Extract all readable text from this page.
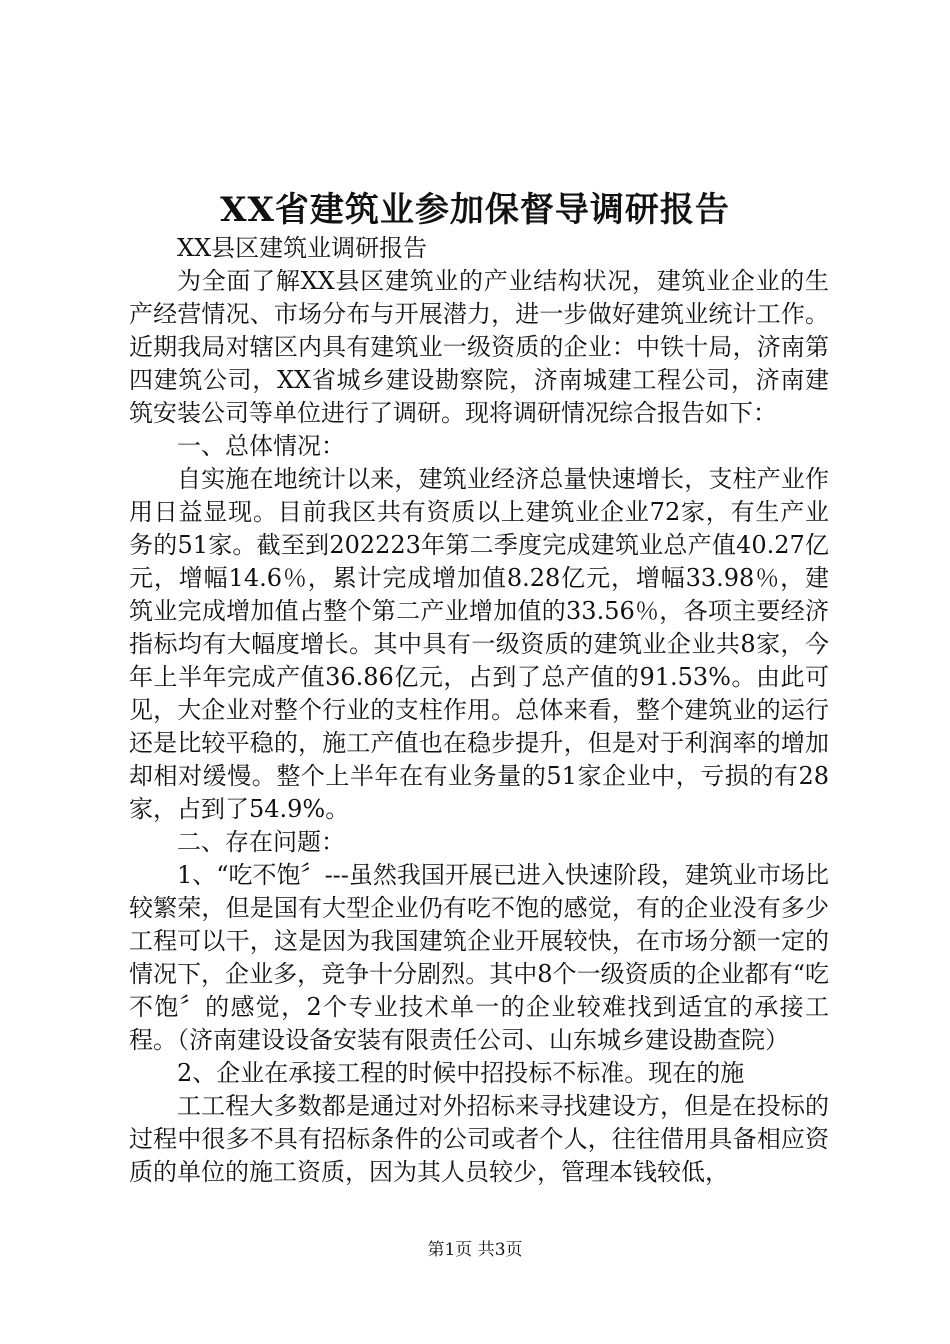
XX省建筑业参加保督导调研报告

XX县区建筑业调研报告

为全面了解XX县区建筑业的产业结构状况，建筑业企业的生产经营情况、市场分布与开展潜力，进一步做好建筑业统计工作。近期我局对辖区内具有建筑业一级资质的企业：中铁十局，济南第四建筑公司，XX省城乡建设勘察院，济南城建工程公司，济南建筑安装公司等单位进行了调研。现将调研情况综合报告如下：

一、总体情况：

自实施在地统计以来，建筑业经济总量快速增长，支柱产业作用日益显现。目前我区共有资质以上建筑业企业72家，有生产业务的51家。截至到202223年第二季度完成建筑业总产值40.27亿元，增幅14.6％，累计完成增加值8.28亿元，增幅33.98％，建筑业完成增加值占整个第二产业增加值的33.56％，各项主要经济指标均有大幅度增长。其中具有一级资质的建筑业企业共8家，今年上半年完成产值36.86亿元，占到了总产值的91.53%。由此可见，大企业对整个行业的支柱作用。总体来看，整个建筑业的运行还是比较平稳的，施工产值也在稳步提升，但是对于利润率的增加却相对缓慢。整个上半年在有业务量的51家企业中，亏损的有28家，占到了54.9%。

二、存在问题：

1、“吃不饱〞---虽然我国开展已进入快速阶段，建筑业市场比较繁荣，但是国有大型企业仍有吃不饱的感觉，有的企业没有多少工程可以干，这是因为我国建筑企业开展较快，在市场分额一定的情况下，企业多，竞争十分剧烈。其中8个一级资质的企业都有“吃不饱〞的感觉，2个专业技术单一的企业较难找到适宜的承接工程。（济南建设设备安装有限责任公司、山东城乡建设勘查院）

2、企业在承接工程的时候中招投标不标准。现在的施

工工程大多数都是通过对外招标来寻找建设方，但是在投标的过程中很多不具有招标条件的公司或者个人，往往借用具备相应资质的单位的施工资质，因为其人员较少，管理本钱较低，

第1页 共3页
